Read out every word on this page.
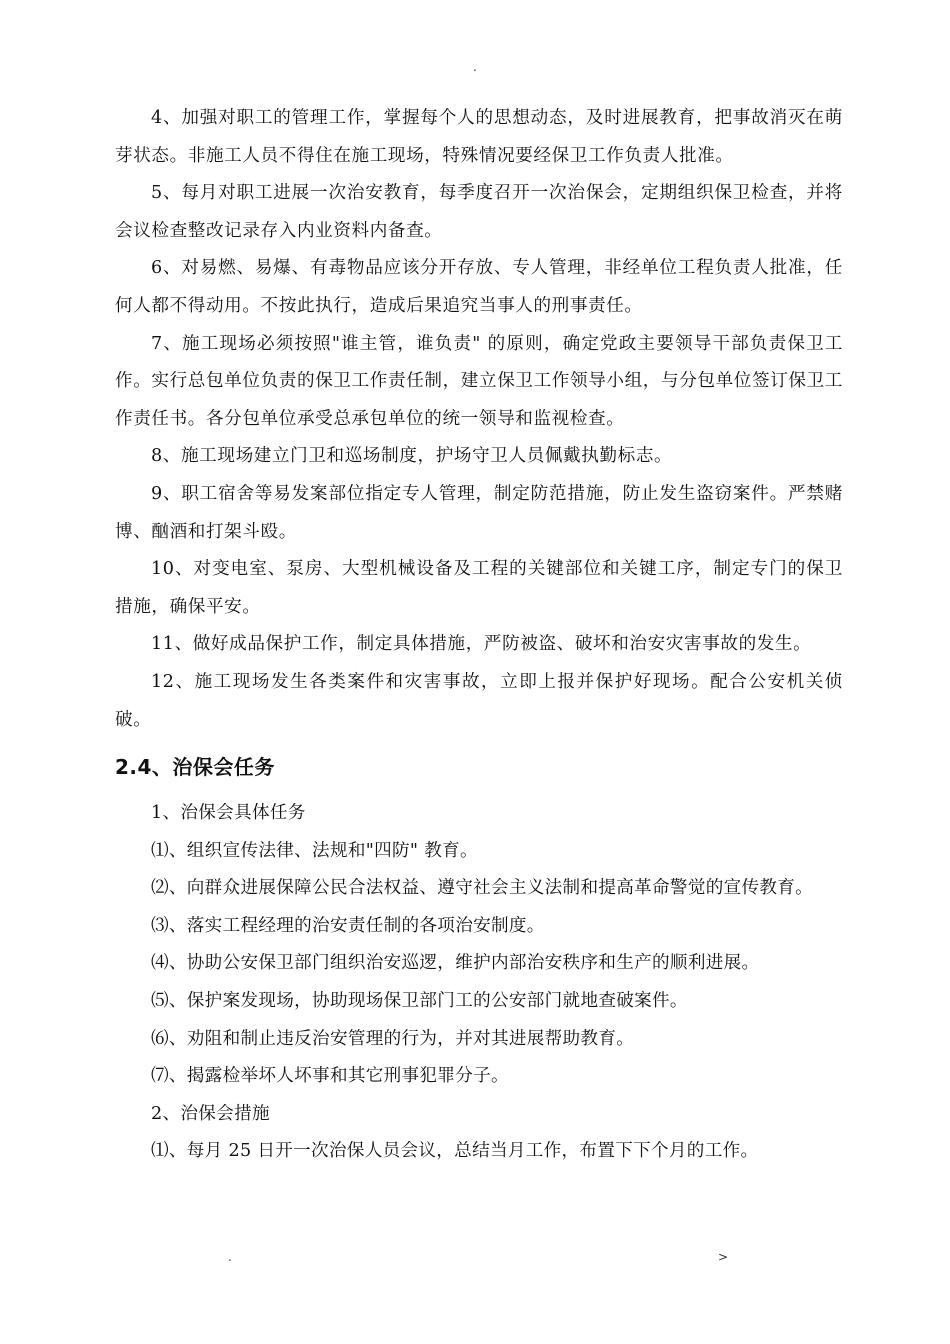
.

4、加强对职工的管理工作，掌握每个人的思想动态，及时进展教育，把事故消灭在萌芽状态。非施工人员不得住在施工现场，特殊情况要经保卫工作负责人批准。

5、每月对职工进展一次治安教育，每季度召开一次治保会，定期组织保卫检查，并将会议检查整改记录存入内业资料内备查。

6、对易燃、易爆、有毒物品应该分开存放、专人管理，非经单位工程负责人批准，任何人都不得动用。不按此执行，造成后果追究当事人的刑事责任。

7、施工现场必须按照"谁主管，谁负责" 的原则，确定党政主要领导干部负责保卫工作。实行总包单位负责的保卫工作责任制，建立保卫工作领导小组，与分包单位签订保卫工作责任书。各分包单位承受总承包单位的统一领导和监视检查。

8、施工现场建立门卫和巡场制度，护场守卫人员佩戴执勤标志。

9、职工宿舍等易发案部位指定专人管理，制定防范措施，防止发生盗窃案件。严禁赌博、酗酒和打架斗殴。

10、对变电室、泵房、大型机械设备及工程的关键部位和关键工序，制定专门的保卫措施，确保平安。

11、做好成品保护工作，制定具体措施，严防被盗、破坏和治安灾害事故的发生。

12、施工现场发生各类案件和灾害事故，立即上报并保护好现场。配合公安机关侦破。

2.4、治保会任务

1、治保会具体任务

⑴、组织宣传法律、法规和"四防" 教育。

⑵、向群众进展保障公民合法权益、遵守社会主义法制和提高革命警觉的宣传教育。

⑶、落实工程经理的治安责任制的各项治安制度。

⑷、协助公安保卫部门组织治安巡逻，维护内部治安秩序和生产的顺利进展。

⑸、保护案发现场，协助现场保卫部门工的公安部门就地查破案件。

⑹、劝阻和制止违反治安管理的行为，并对其进展帮助教育。

⑺、揭露检举坏人坏事和其它刑事犯罪分子。

2、治保会措施

⑴、每月 25 日开一次治保人员会议，总结当月工作，布置下下个月的工作。

.	>
